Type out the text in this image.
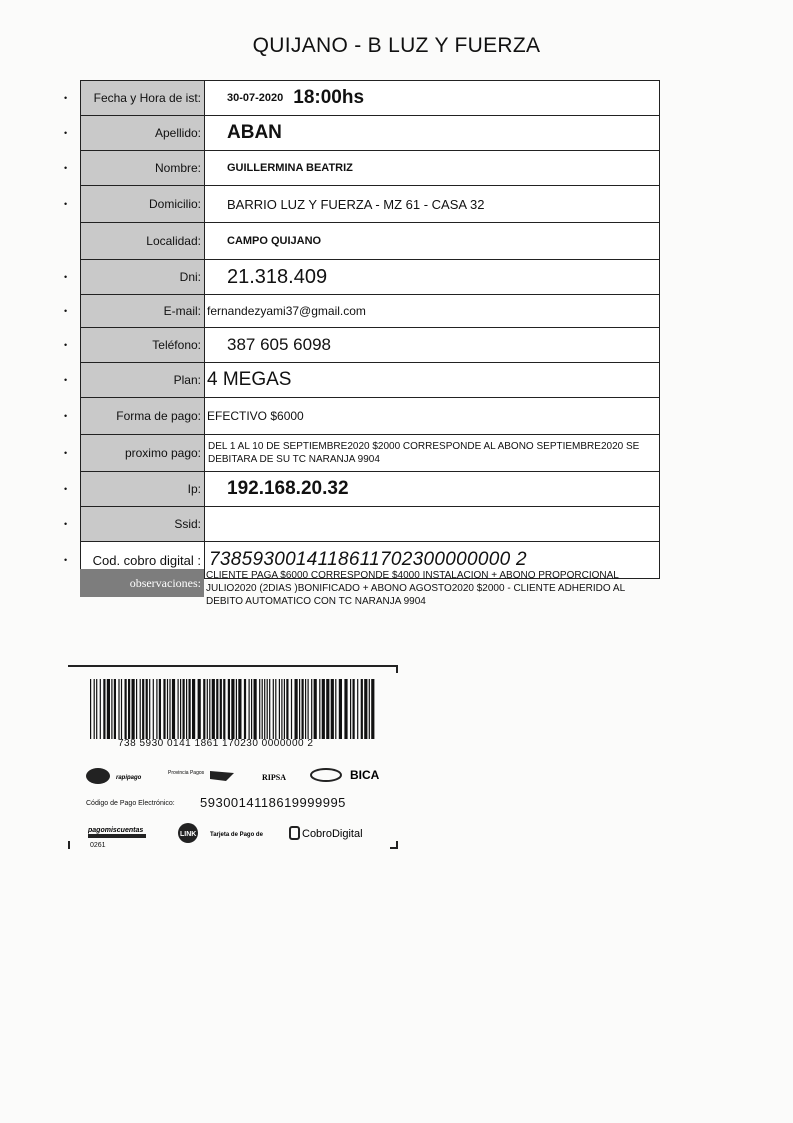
QUIJANO - B LUZ Y FUERZA
•	Fecha y Hora de ist:	30-07-2020 18:00hs
•	Apellido:	ABAN
•	Nombre:	GUILLERMINA BEATRIZ
•	Domicilio:	BARRIO LUZ Y FUERZA - MZ 61 - CASA 32
Localidad:	CAMPO QUIJANO
•	Dni:	21.318.409
•	E-mail: fernandezyami37@gmail.com
•	Teléfono:	387 605 6098
•	Plan: 4 MEGAS
•	Forma de pago: EFECTIVO $6000
•	proximo pago: DEL 1 AL 10 DE SEPTIEMBRE2020 $2000 CORRESPONDE AL ABONO SEPTIEMBRE2020 SE DEBITARA DE SU TC NARANJA 9904
•	Ip:	192.168.20.32
•	Ssid:
•	Cod. cobro digital : 7385930014118611702300000000 2
observaciones: CLIENTE PAGA $6000 CORRESPONDE $4000 INSTALACION + ABONO PROPORCIONAL JULIO2020 (2DIAS )BONIFICADO + ABONO AGOSTO2020 $2000 - CLIENTE ADHERIDO AL DEBITO AUTOMATICO CON TC NARANJA 9904
738 5930 0141 1861 170230 0000000 2
rapipago
Provincia Pagos	RIPSA	BICA
Código de Pago Electrónico: 5930014118619999995
pagomiscuentas
LINK Tarjeta de Pago de	CobroDigital
0261
